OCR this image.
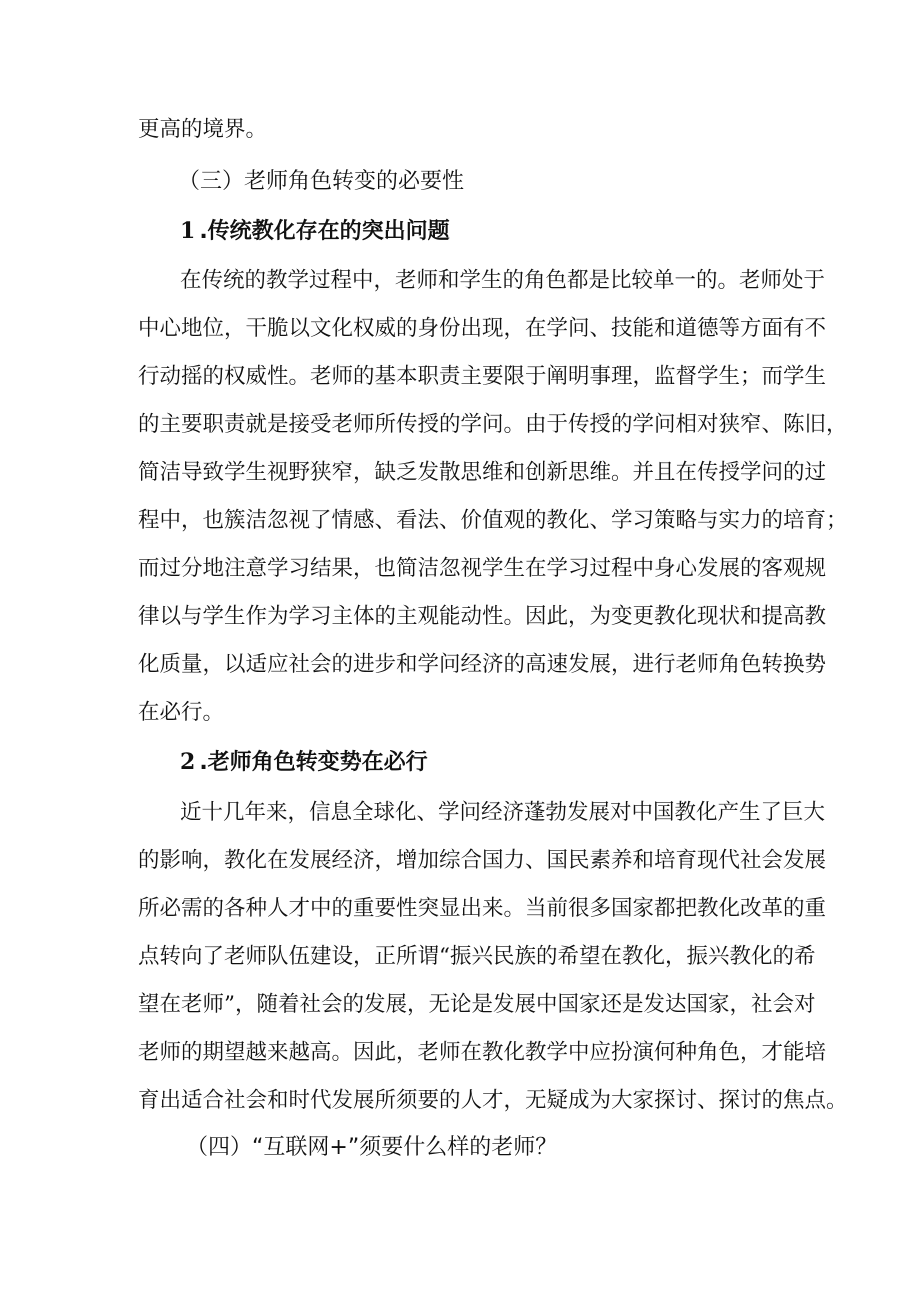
更高的境界。
（三）老师角色转变的必要性
1 .传统教化存在的突出问题
在传统的教学过程中，老师和学生的角色都是比较单一的。老师处于
中心地位，干脆以文化权威的身份出现，在学问、技能和道德等方面有不
行动摇的权威性。老师的基本职责主要限于阐明事理，监督学生；而学生
的主要职责就是接受老师所传授的学问。由于传授的学问相对狭窄、陈旧，
简洁导致学生视野狭窄，缺乏发散思维和创新思维。并且在传授学问的过
程中，也簇洁忽视了情感、看法、价值观的教化、学习策略与实力的培育；
而过分地注意学习结果，也简洁忽视学生在学习过程中身心发展的客观规
律以与学生作为学习主体的主观能动性。因此，为变更教化现状和提高教
化质量，以适应社会的进步和学问经济的高速发展，进行老师角色转换势
在必行。
2 .老师角色转变势在必行
近十几年来，信息全球化、学问经济蓬勃发展对中国教化产生了巨大
的影响，教化在发展经济，增加综合国力、国民素养和培育现代社会发展
所必需的各种人才中的重要性突显出来。当前很多国家都把教化改革的重
点转向了老师队伍建设，正所谓“振兴民族的希望在教化，振兴教化的希
望在老师”，随着社会的发展，无论是发展中国家还是发达国家，社会对
老师的期望越来越高。因此，老师在教化教学中应扮演何种角色，才能培
育出适合社会和时代发展所须要的人才，无疑成为大家探讨、探讨的焦点。
（四）“互联网+”须要什么样的老师？
